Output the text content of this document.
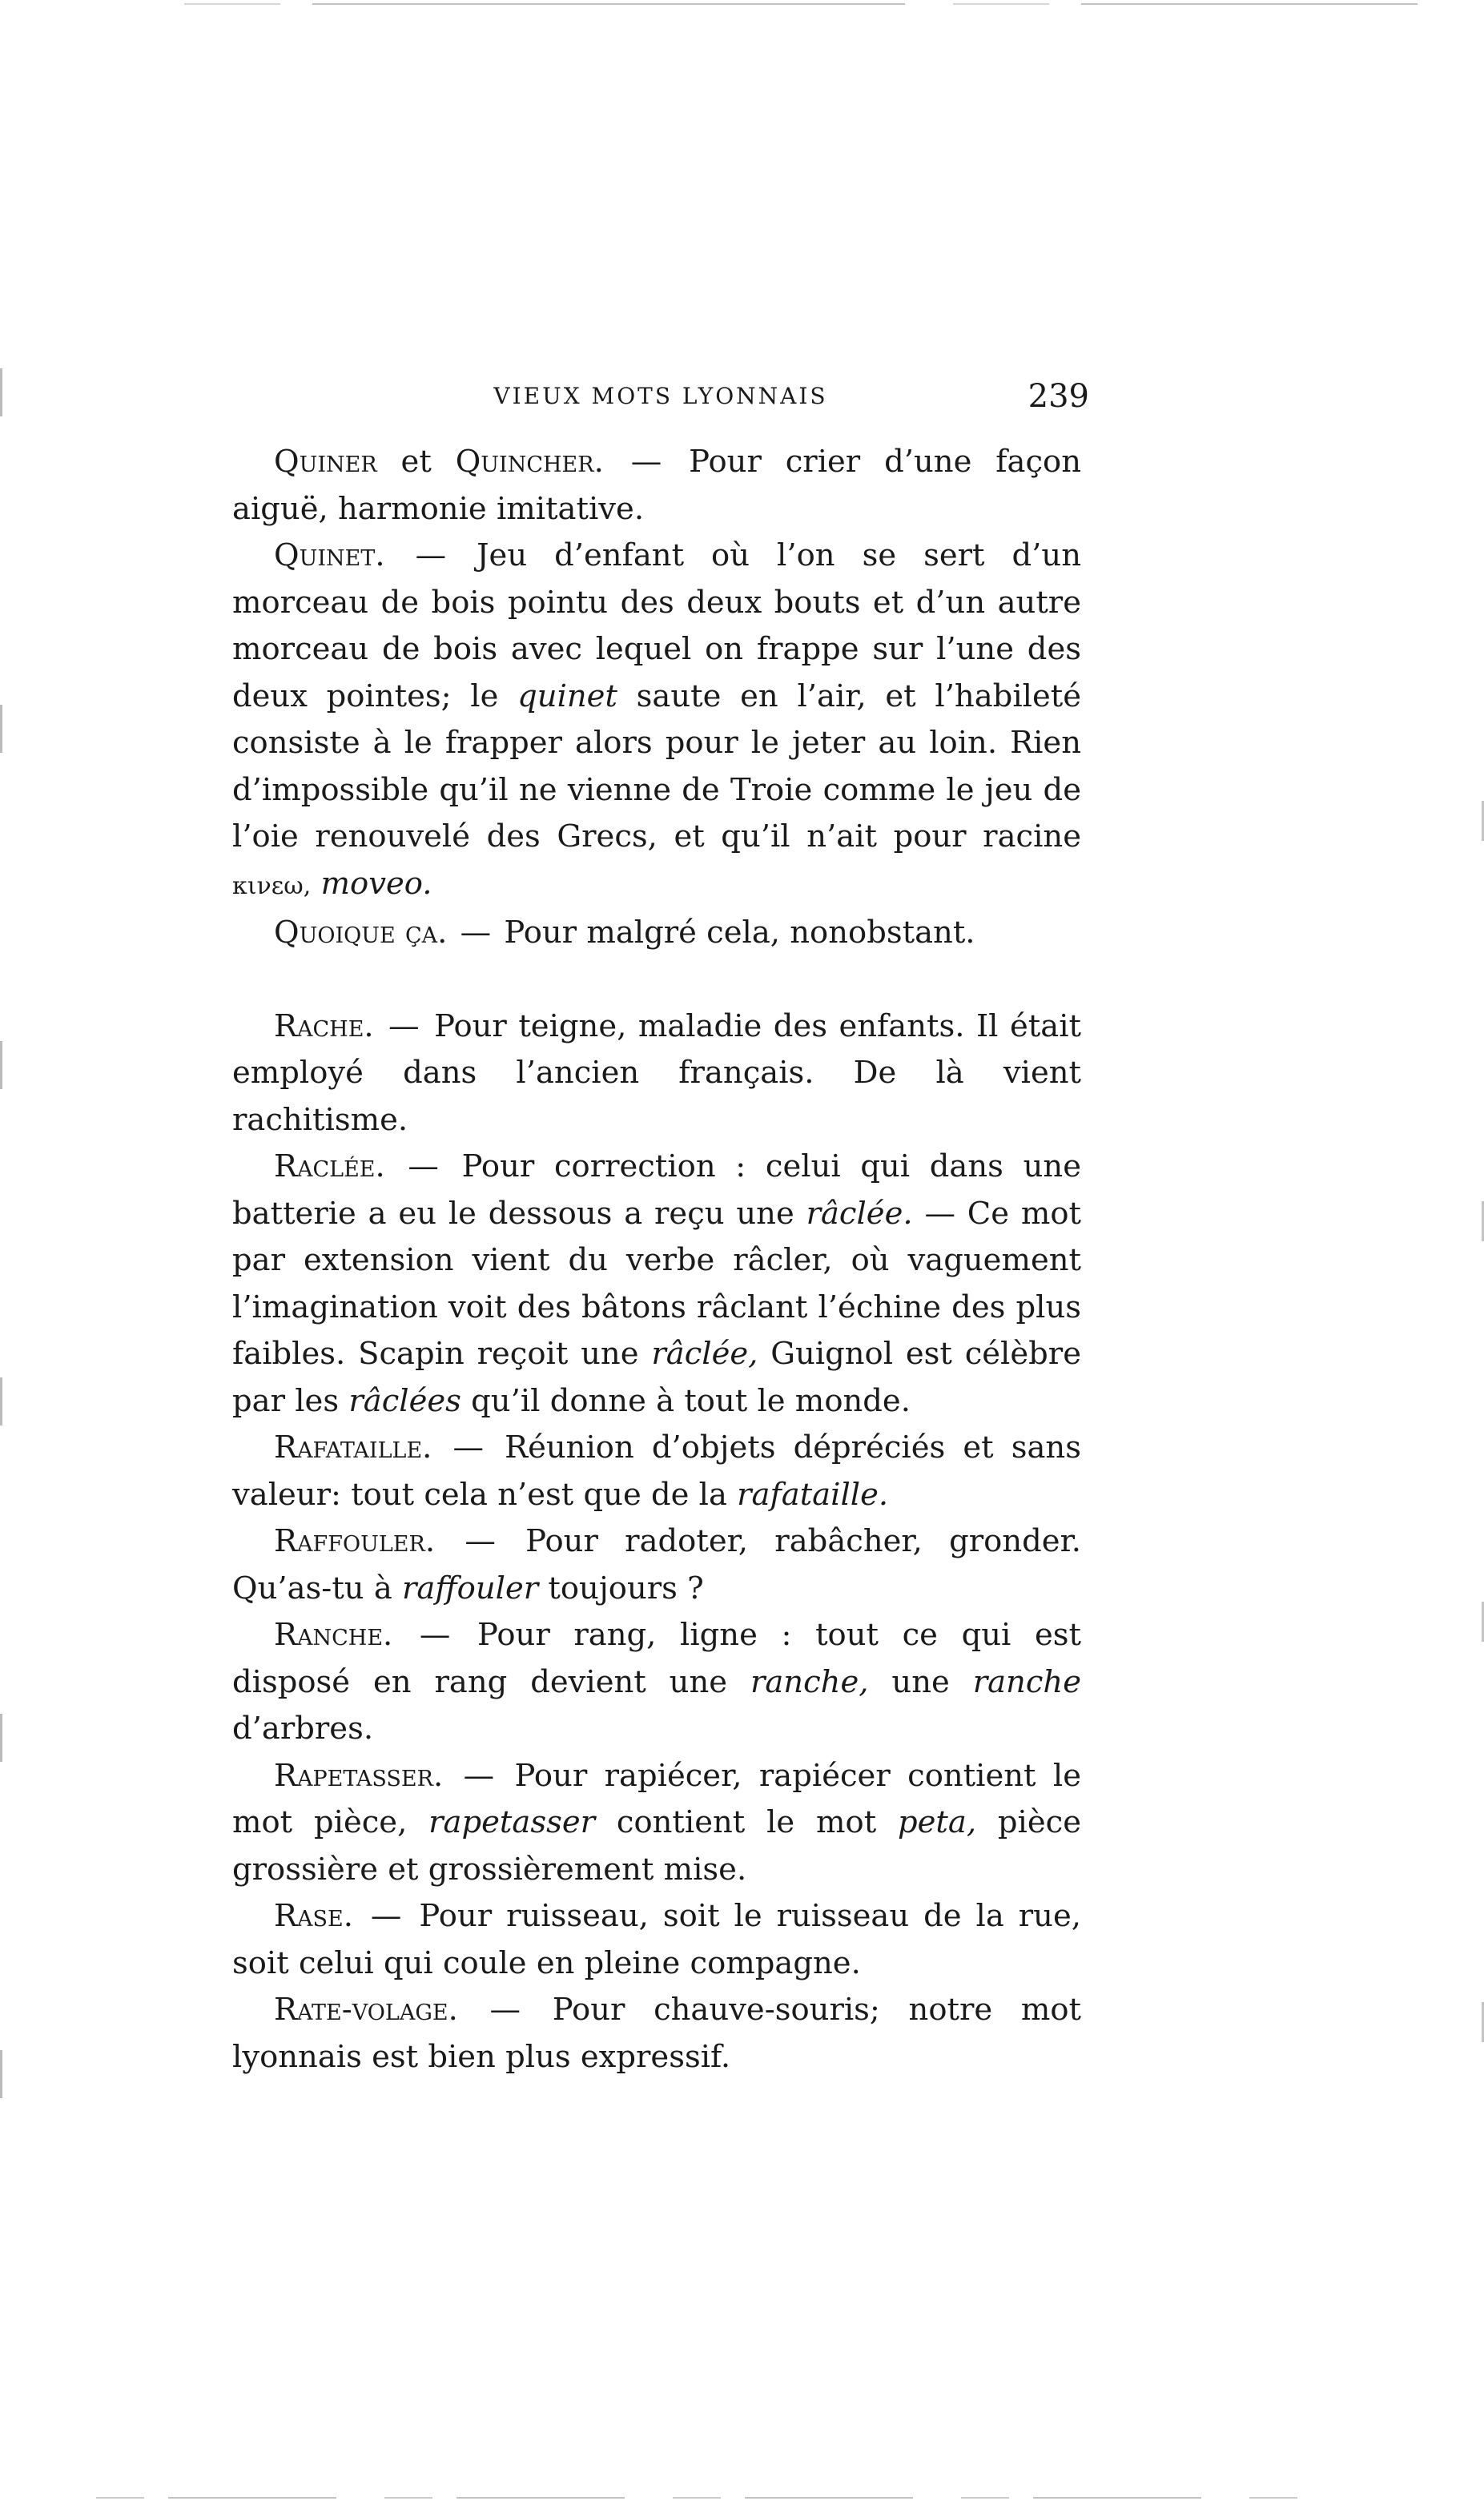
VIEUX MOTS LYONNAIS	239

Quiner et Quincher. — Pour crier d’une façon aiguë, harmonie imitative.

Quinet. — Jeu d’enfant où l’on se sert d’un morceau de bois pointu des deux bouts et d’un autre morceau de bois avec lequel on frappe sur l’une des deux pointes; le quinet saute en l’air, et l’habileté consiste à le frapper alors pour le jeter au loin. Rien d’impossible qu’il ne vienne de Troie comme le jeu de l’oie renouvelé des Grecs, et qu’il n’ait pour racine κινεω, moveo.

Quoique ça. — Pour malgré cela, nonobstant.

Rache. — Pour teigne, maladie des enfants. Il était employé dans l’ancien français. De là vient rachitisme.

Raclée. — Pour correction : celui qui dans une batterie a eu le dessous a reçu une râclée. — Ce mot par extension vient du verbe râcler, où vaguement l’imagination voit des bâtons râclant l’échine des plus faibles. Scapin reçoit une râclée, Guignol est célèbre par les râclées qu’il donne à tout le monde.

Rafataille. — Réunion d’objets dépréciés et sans valeur: tout cela n’est que de la rafataille.

Raffouler. — Pour radoter, rabâcher, gronder. Qu’as-tu à raffouler toujours ?

Ranche. — Pour rang, ligne : tout ce qui est disposé en rang devient une ranche, une ranche d’arbres.

Rapetasser. — Pour rapiécer, rapiécer contient le mot pièce, rapetasser contient le mot peta, pièce grossière et grossièrement mise.

Rase. — Pour ruisseau, soit le ruisseau de la rue, soit celui qui coule en pleine compagne.

Rate-volage. — Pour chauve-souris; notre mot lyonnais est bien plus expressif.
